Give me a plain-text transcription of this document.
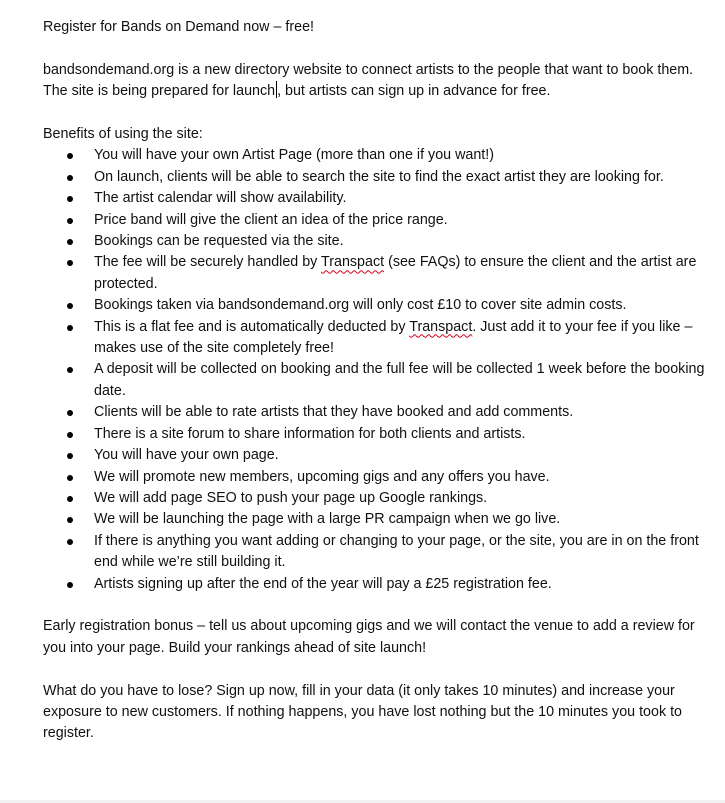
Register for Bands on Demand now – free!

bandsondemand.org is a new directory website to connect artists to the people that want to book them.

The site is being prepared for launch , but artists can sign up in advance for free.

Benefits of using the site:

You will have your own Artist Page (more than one if you want!)
On launch, clients will be able to search the site to find the exact artist they are looking for.
The artist calendar will show availability.
Price band will give the client an idea of the price range.
Bookings can be requested via the site.
The fee will be securely handled by Transpact (see FAQs) to ensure the client and the artist are protected.
Bookings taken via bandsondemand.org will only cost £10 to cover site admin costs.
This is a flat fee and is automatically deducted by Transpact. Just add it to your fee if you like – makes use of the site completely free!
A deposit will be collected on booking and the full fee will be collected 1 week before the booking date.
Clients will be able to rate artists that they have booked and add comments.
There is a site forum to share information for both clients and artists.
You will have your own page.
We will promote new members, upcoming gigs and any offers you have.
We will add page SEO to push your page up Google rankings.
We will be launching the page with a large PR campaign when we go live.
If there is anything you want adding or changing to your page, or the site, you are in on the front end while we’re still building it.
Artists signing up after the end of the year will pay a £25 registration fee.

Early registration bonus – tell us about upcoming gigs and we will contact the venue to add a review for you into your page. Build your rankings ahead of site launch!

What do you have to lose? Sign up now, fill in your data (it only takes 10 minutes) and increase your exposure to new customers. If nothing happens, you have lost nothing but the 10 minutes you took to register.
